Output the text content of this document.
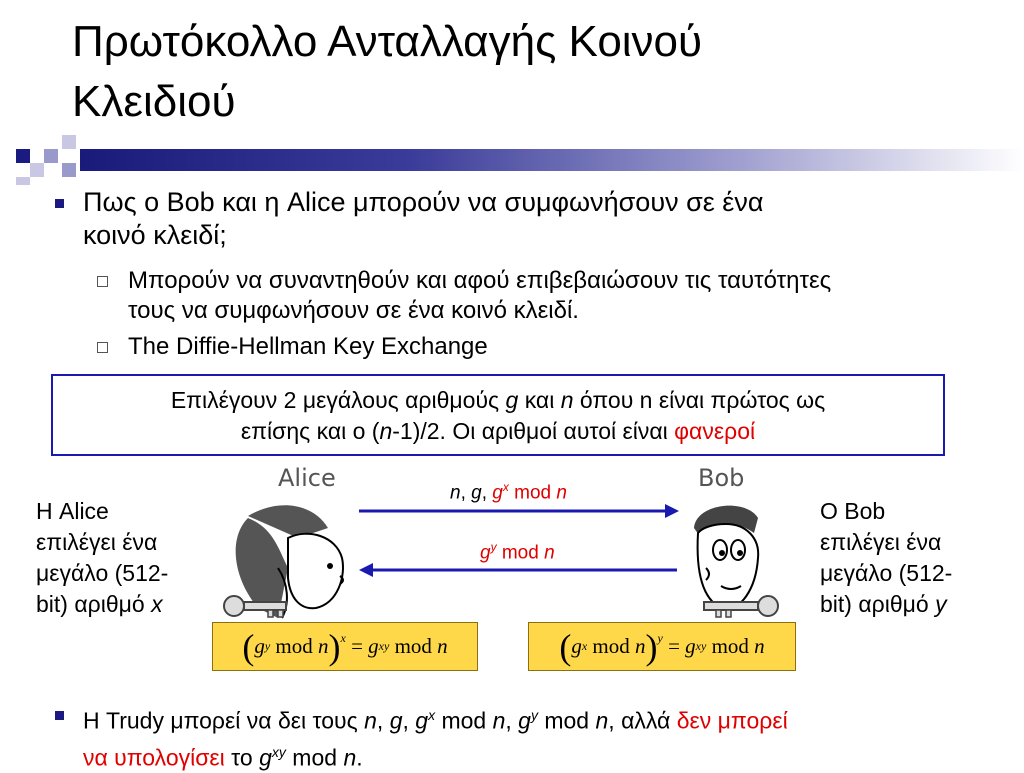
Πρωτόκολλο Ανταλλαγής Κοινού
Κλειδιού
Πως ο Bob και η Alice μπορούν να συμφωνήσουν σε ένα
κοινό κλειδί;
Μπορούν να συναντηθούν και αφού επιβεβαιώσουν τις ταυτότητες
τους να συμφωνήσουν σε ένα κοινό κλειδί.
The Diffie-Hellman Key Exchange
Επιλέγουν 2 μεγάλους αριθμούς g και n όπου n είναι πρώτος ως
επίσης και ο (n-1)/2. Οι αριθμοί αυτοί είναι φανεροί
Η Alice
επιλέγει ένα
μεγάλο (512-
bit) αριθμό x
O Bob
επιλέγει ένα
μεγάλο (512-
bit) αριθμό y
Alice	Bob
n, g, $g^x$ mod n
$g^y$ mod n
( g y
mod
n ) $^x$
=
g xy
mod
n	( g x
mod
n ) $^y$
=
g xy
mod
n
Η Trudy μπορεί να δει τους n, g, $g^x$ mod n, $g^y$ mod n, αλλά δεν μπορεί
να υπολογίσει το $g^{xy}$ mod n.
